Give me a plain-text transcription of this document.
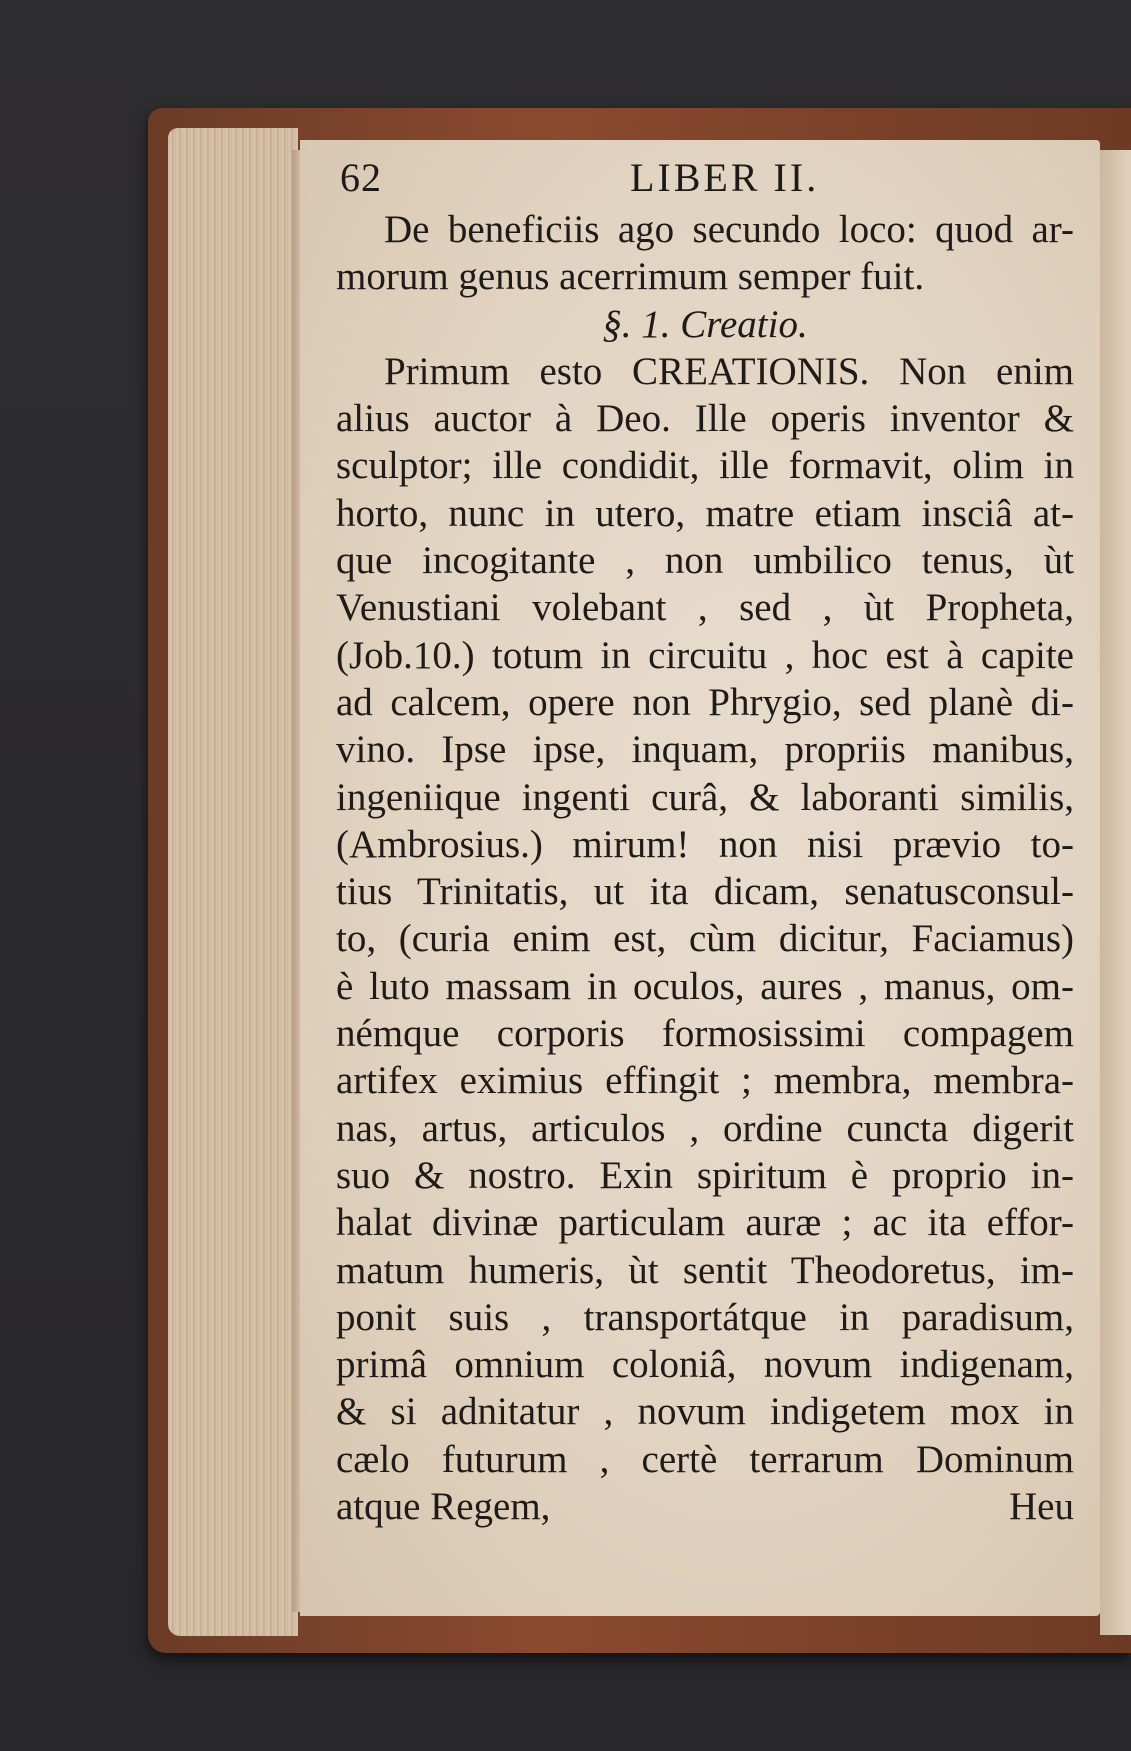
62	LIBER II.
De beneficiis ago secundo loco: quod ar-
morum genus acerrimum semper fuit.
§. 1. Creatio.
Primum esto CREATIONIS. Non enim
alius auctor à Deo. Ille operis inventor &
sculptor; ille condidit, ille formavit, olim in
horto, nunc in utero, matre etiam insciâ at-
que incogitante , non umbilico tenus, ùt
Venustiani volebant , sed , ùt Propheta,
(Job.10.) totum in circuitu , hoc est à capite
ad calcem, opere non Phrygio, sed planè di-
vino. Ipse ipse, inquam, propriis manibus,
ingeniique ingenti curâ, & laboranti similis,
(Ambrosius.) mirum! non nisi prævio to-
tius Trinitatis, ut ita dicam, senatusconsul-
to, (curia enim est, cùm dicitur, Faciamus)
è luto massam in oculos, aures , manus, om-
némque corporis formosissimi compagem
artifex eximius effingit ; membra, membra-
nas, artus, articulos , ordine cuncta digerit
suo & nostro. Exin spiritum è proprio in-
halat divinæ particulam auræ ; ac ita effor-
matum humeris, ùt sentit Theodoretus, im-
ponit suis , transportátque in paradisum,
primâ omnium coloniâ, novum indigenam,
& si adnitatur , novum indigetem mox in
cælo futurum , certè terrarum Dominum
atque Regem,	Heu
